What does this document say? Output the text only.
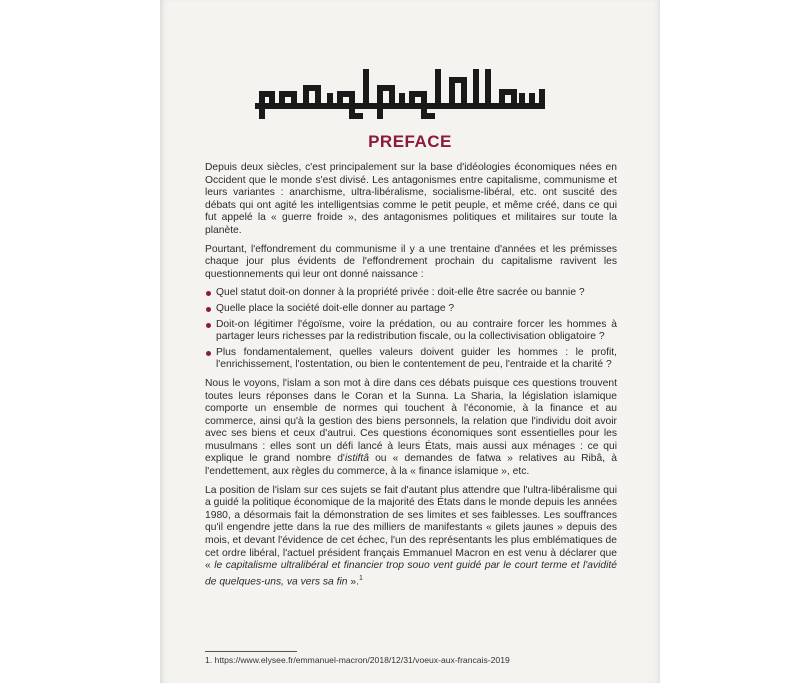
PREFACE

Depuis deux siècles, c'est principalement sur la base d'idéologies économiques nées en Occident que le monde s'est divisé. Les antagonismes entre capitalisme, communisme et leurs variantes : anarchisme, ultra-libéralisme, socialisme-libéral, etc. ont suscité des débats qui ont agité les intelligentsias comme le petit peuple, et même créé, dans ce qui fut appelé la « guerre froide », des antagonismes politiques et militaires sur toute la planète.

Pourtant, l'effondrement du communisme il y a une trentaine d'années et les prémisses chaque jour plus évidents de l'effondrement prochain du capitalisme ravivent les questionnements qui leur ont donné naissance :

Quel statut doit-on donner à la propriété privée : doit-elle être sacrée ou bannie ?
Quelle place la société doit-elle donner au partage ?
Doit-on légitimer l'égoïsme, voire la prédation, ou au contraire forcer les hommes à partager leurs richesses par la redistribution fiscale, ou la collectivisation obligatoire ?
Plus fondamentalement, quelles valeurs doivent guider les hommes : le profit, l'enrichissement, l'ostentation, ou bien le contentement de peu, l'entraide et la charité ?

Nous le voyons, l'islam a son mot à dire dans ces débats puisque ces questions trouvent toutes leurs réponses dans le Coran et la Sunna. La Sharia, la législation islamique comporte un ensemble de normes qui touchent à l'économie, à la finance et au commerce, ainsi qu'à la gestion des biens personnels, la relation que l'individu doit avoir avec ses biens et ceux d'autrui. Ces questions économiques sont essentielles pour les musulmans : elles sont un défi lancé à leurs États, mais aussi aux ménages : ce qui explique le grand nombre d'istiftâ ou « demandes de fatwa » relatives au Ribâ, à l'endettement, aux règles du commerce, à la « finance islamique », etc.

La position de l'islam sur ces sujets se fait d'autant plus attendre que l'ultra-libéralisme qui a guidé la politique économique de la majorité des États dans le monde depuis les années 1980, a désormais fait la démonstration de ses limites et ses faiblesses. Les souffrances qu'il engendre jette dans la rue des milliers de manifestants « gilets jaunes » depuis des mois, et devant l'évidence de cet échec, l'un des représentants les plus emblématiques de cet ordre libéral, l'actuel président français Emmanuel Macron en est venu à déclarer que « le capitalisme ultralibéral et financier trop souo vent guidé par le court terme et l'avidité de quelques-uns, va vers sa fin ».$^1$

1. https://www.elysee.fr/emmanuel-macron/2018/12/31/voeux-aux-francais-2019
